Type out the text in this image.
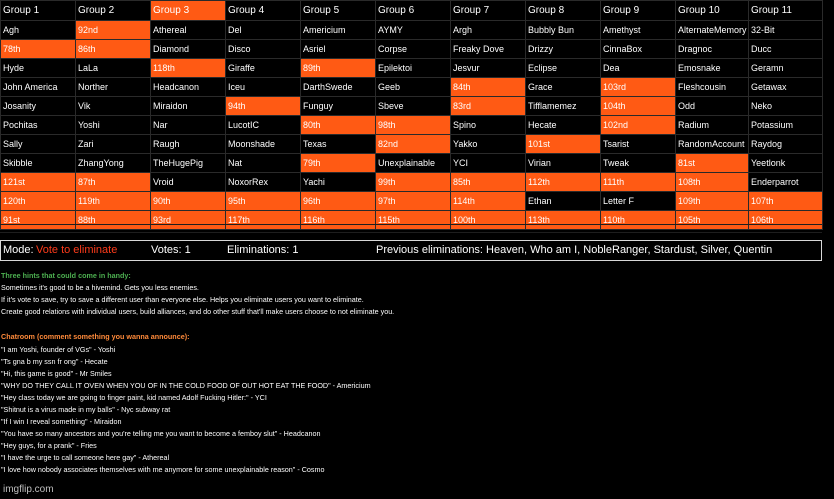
Group 1	Group 2	Group 3	Group 4	Group 5	Group 6	Group 7	Group 8	Group 9	Group 10	Group 11
Agh	92nd	Athereal	Del	Americium	AYMY	Argh	Bubbly Bun	Amethyst	AlternateMemory	32-Bit
78th	86th	Diamond	Disco	Asriel	Corpse	Freaky Dove	Drizzy	CinnaBox	Dragnoc	Ducc
Hyde	LaLa	118th	Giraffe	89th	Epilektoi	Jesvur	Eclipse	Dea	Emosnake	Geramn
John America	Norther	Headcanon	Iceu	DarthSwede	Geeb	84th	Grace	103rd	Fleshcousin	Getawax
Josanity	Vik	Miraidon	94th	Funguy	Sbeve	83rd	Tifflamemez	104th	Odd	Neko
Pochitas	Yoshi	Nar	LucotIC	80th	98th	Spino	Hecate	102nd	Radium	Potassium
Sally	Zari	Raugh	Moonshade	Texas	82nd	Yakko	101st	Tsarist	RandomAccount	Raydog
Skibble	ZhangYong	TheHugePig	Nat	79th	Unexplainable	YCI	Virian	Tweak	81st	Yeetlonk
121st	87th	Vroid	NoxorRex	Yachi	99th	85th	112th	111th	108th	Enderparrot
120th	119th	90th	95th	96th	97th	114th	Ethan	Letter F	109th	107th
91st	88th	93rd	117th	116th	115th	100th	113th	110th	105th	106th
Mode: Vote to eliminate	Votes: 1	Eliminations: 1	Previous eliminations: Heaven, Who am I, NobleRanger, Stardust, Silver, Quentin
Three hints that could come in handy:
Sometimes it's good to be a hivemind. Gets you less enemies.
If it's vote to save, try to save a different user than everyone else. Helps you eliminate users you want to eliminate.
Create good relations with individual users, build alliances, and do other stuff that'll make users choose to not eliminate you.
Chatroom (comment something you wanna announce):
"I am Yoshi, founder of VGs" - Yoshi
"Ts gna b my ssn fr ong" - Hecate
"Hi, this game is good" - Mr Smiles
"WHY DO THEY CALL IT OVEN WHEN YOU OF IN THE COLD FOOD OF OUT HOT EAT THE FOOD" - Americium
"Hey class today we are going to finger paint, kid named Adolf Fucking Hitler:" - YCI
"Shitnut is a virus made in my balls" - Nyc subway rat
"If I win I reveal something" - Miraidon
"You have so many ancestors and you're telling me you want to become a femboy slut" - Headcanon
"Hey guys, for a prank" - Fries
"I have the urge to call someone here gay" - Athereal
"I love how nobody associates themselves with me anymore for some unexplainable reason" - Cosmo
imgflip.com
